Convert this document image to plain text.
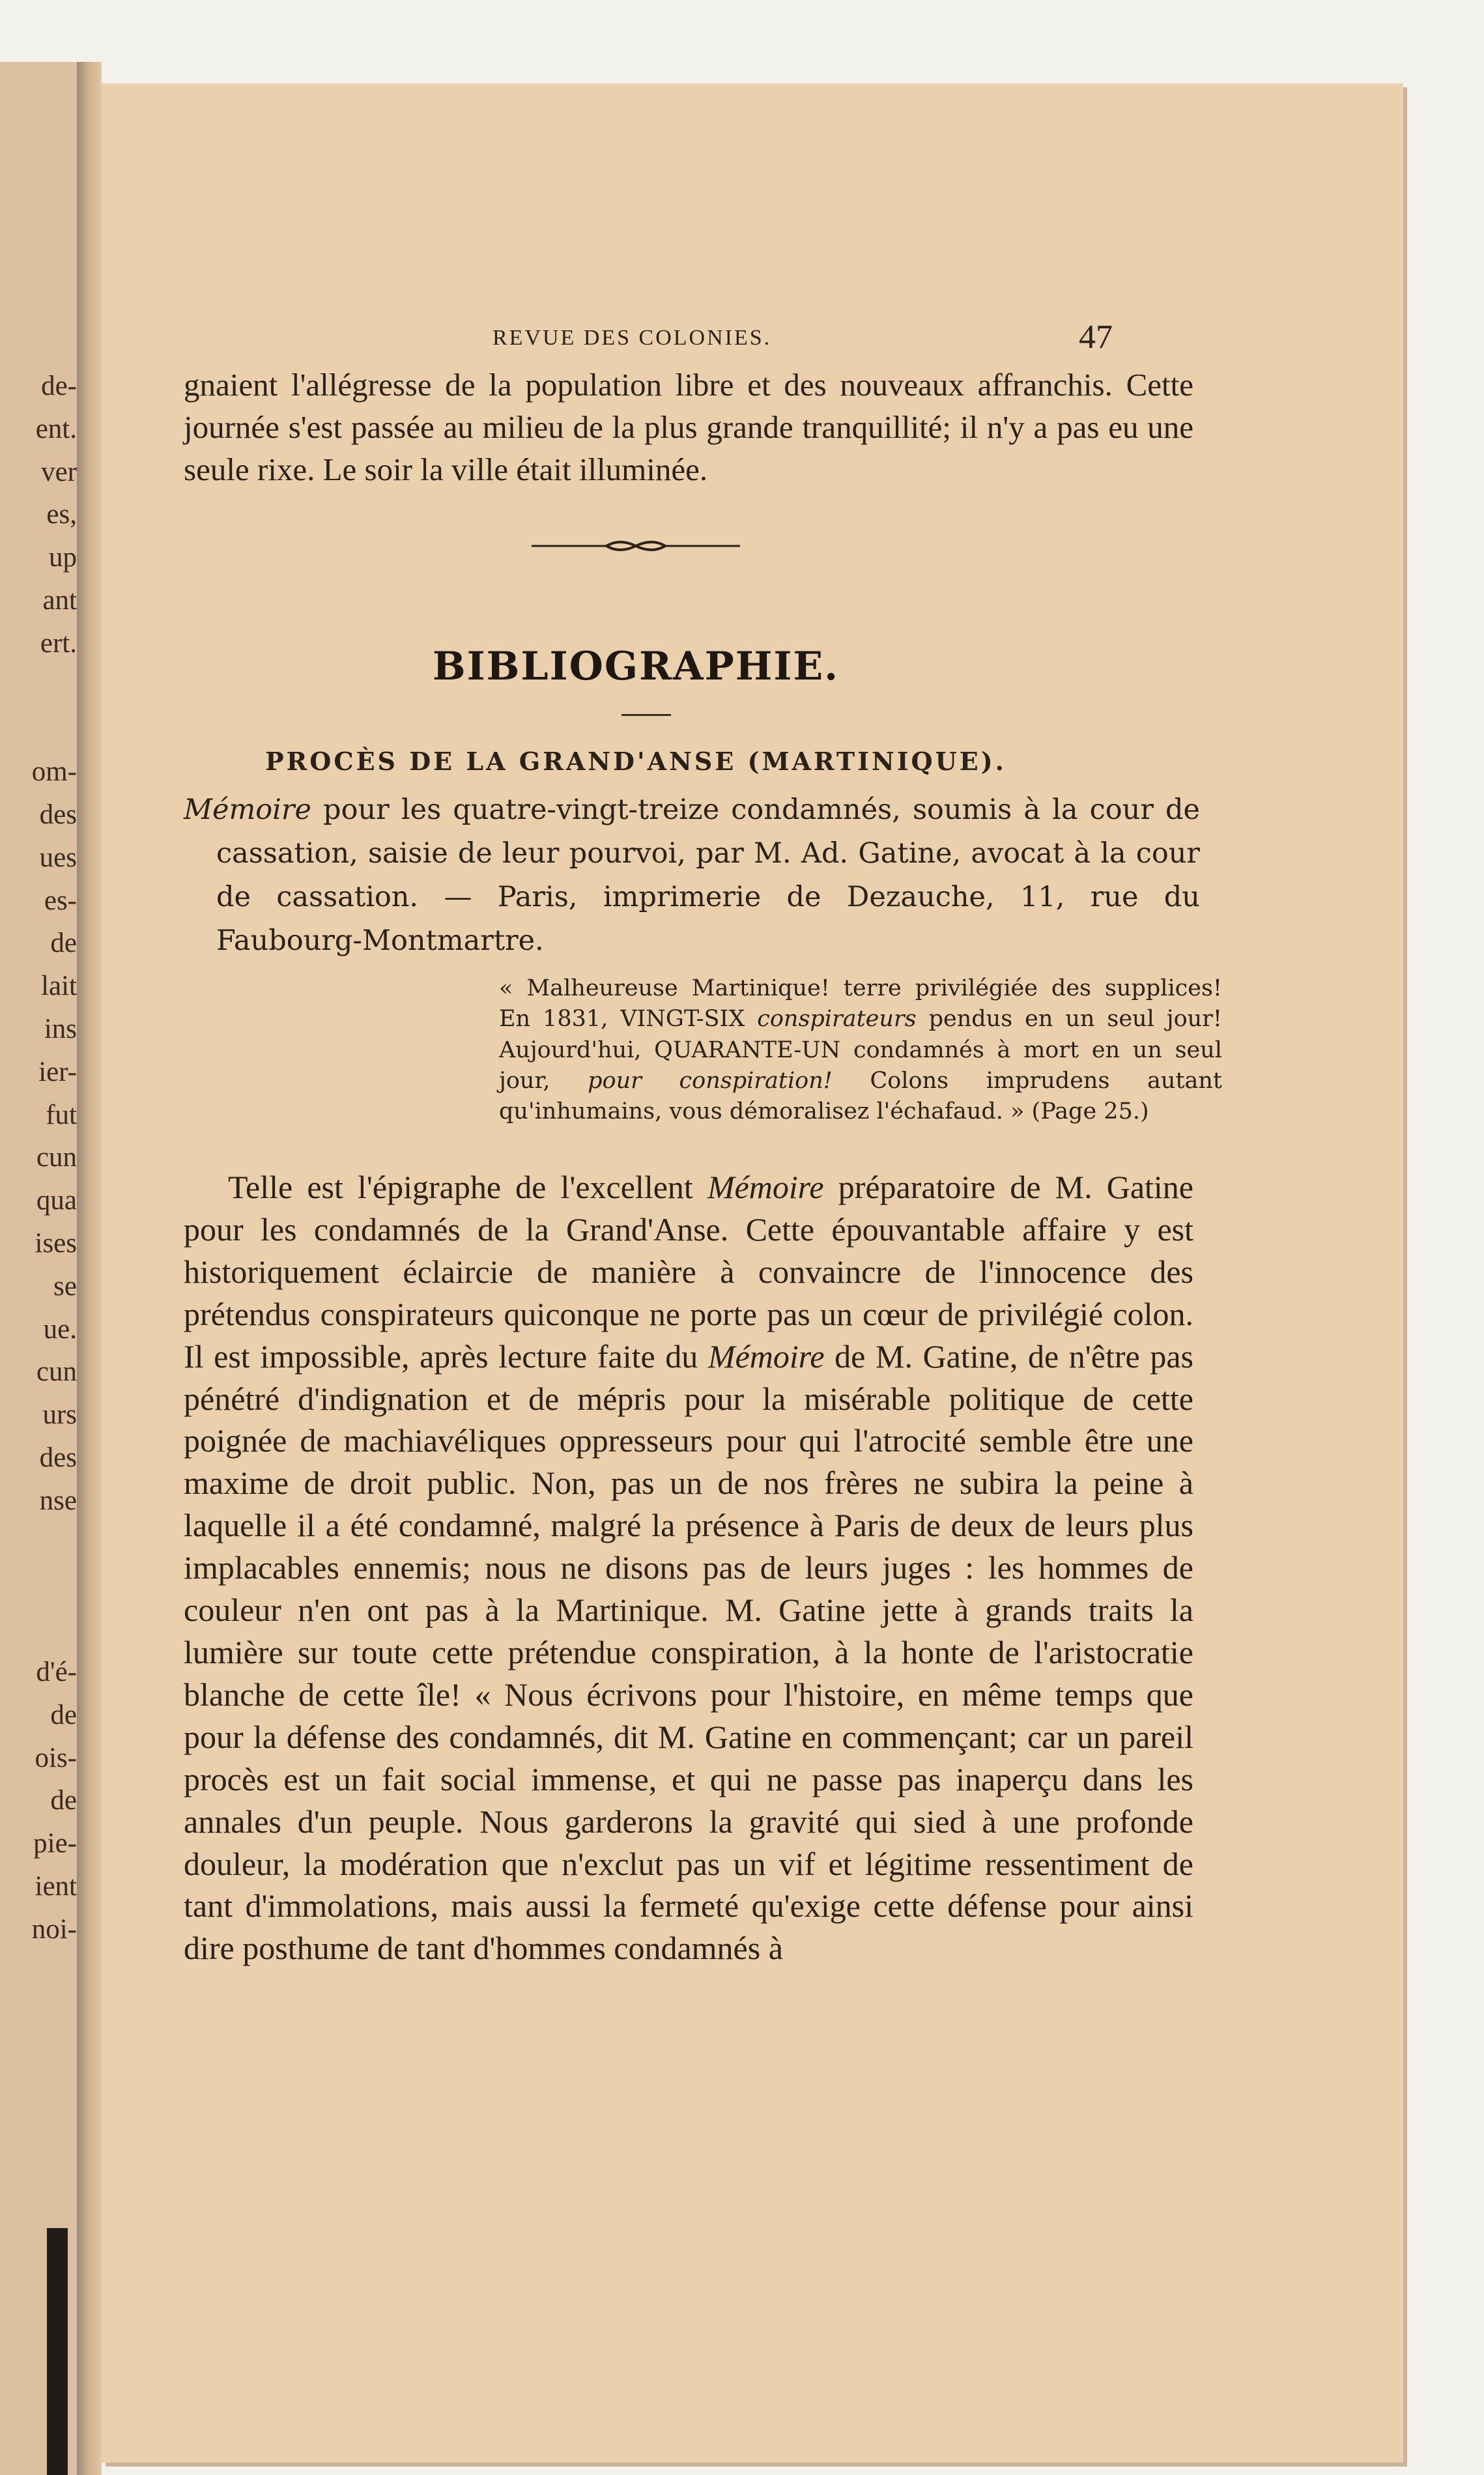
de-
ent.
ver
es,
up
ant
ert.
om-
des
ues
es-
de
lait
ins
ier-
fut
cun
qua
ises
se
ue.
cun
urs
des
nse
d'é-
de
ois-
de
pie-
ient
noi-
REVUE DES COLONIES.	47
gnaient l'allégresse de la population libre et des nouveaux affranchis. Cette journée s'est passée au milieu de la plus grande tranquillité; il n'y a pas eu une seule rixe. Le soir la ville était illuminée.
BIBLIOGRAPHIE.
PROCÈS DE LA GRAND'ANSE (MARTINIQUE).
Mémoire pour les quatre-vingt-treize condamnés, soumis à la cour de cassation, saisie de leur pourvoi, par M. Ad. Gatine, avocat à la cour de cassation. — Paris, imprimerie de Dezauche, 11, rue du Faubourg-Montmartre.
« Malheureuse Martinique! terre privilégiée des supplices! En 1831, VINGT-SIX conspirateurs pendus en un seul jour! Aujourd'hui, QUARANTE-UN condamnés à mort en un seul jour, pour conspiration! Colons imprudens autant qu'inhumains, vous démoralisez l'échafaud. » (Page 25.)
Telle est l'épigraphe de l'excellent Mémoire préparatoire de M. Gatine pour les condamnés de la Grand'Anse. Cette épouvantable affaire y est historiquement éclaircie de manière à convaincre de l'innocence des prétendus conspirateurs quiconque ne porte pas un cœur de privilégié colon. Il est impossible, après lecture faite du Mémoire de M. Gatine, de n'être pas pénétré d'indignation et de mépris pour la misérable politique de cette poignée de machiavéliques oppresseurs pour qui l'atrocité semble être une maxime de droit public. Non, pas un de nos frères ne subira la peine à laquelle il a été condamné, malgré la présence à Paris de deux de leurs plus implacables ennemis; nous ne disons pas de leurs juges : les hommes de couleur n'en ont pas à la Martinique. M. Gatine jette à grands traits la lumière sur toute cette prétendue conspiration, à la honte de l'aristocratie blanche de cette île! « Nous écrivons pour l'histoire, en même temps que pour la défense des condamnés, dit M. Gatine en commençant; car un pareil procès est un fait social immense, et qui ne passe pas inaperçu dans les annales d'un peuple. Nous garderons la gravité qui sied à une profonde douleur, la modération que n'exclut pas un vif et légitime ressentiment de tant d'immolations, mais aussi la fermeté qu'exige cette défense pour ainsi dire posthume de tant d'hommes condamnés à
